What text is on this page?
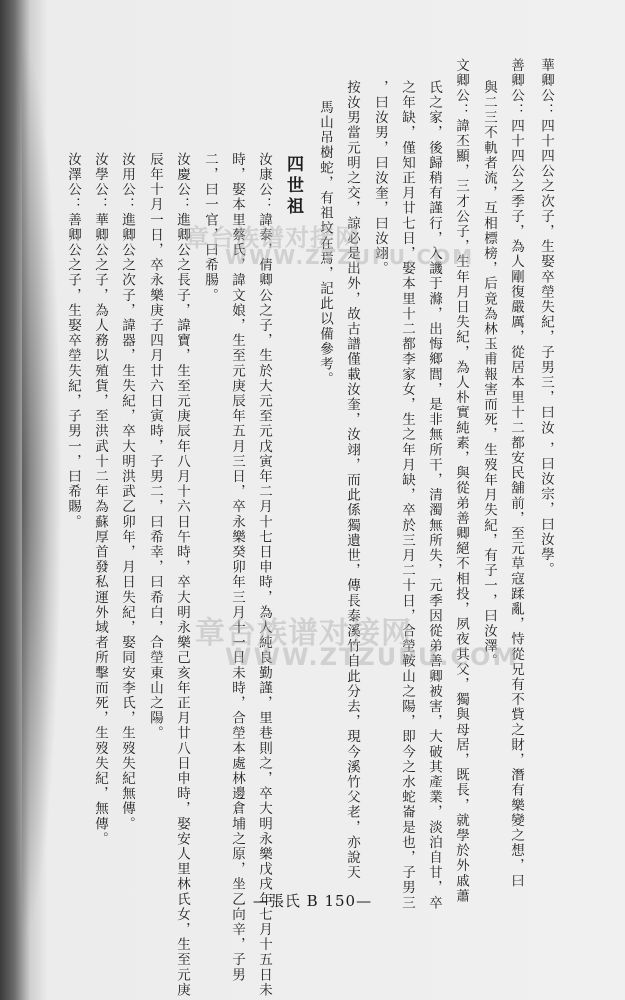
華卿公：四十四公之次子，生娶卒塋失紀，子男三，曰汝 ，曰汝宗，曰汝學。
善卿公：四十四公之季子，為人剛復嚴厲，從居本里十二都安民舖前，至元草寇蹂亂，恃從兄有不貲之財，潛有樂變之想，曰
與二三不軌者流，互相標榜，后竟為林玉甫報害而死，生歿年月失紀，有子一，曰汝澤。
文卿公：諱丕顯，三才公子，生年月日失紀，為人朴實純素，與從弟善卿絕不相投，夙夜其父，獨與母居，既長，就學於外戚蕭
氏之家，後歸稍有謹行，入譏于滌，出悔鄉閭，是非無所干，清濁無所失，元季因從弟善卿被害，大破其產業，淡泊自甘，卒
之年缺，僅知正月廿七日，娶本里十二都李家女，生之年月缺，卒於三月二十日，合塋鞍山之陽，即今之水蛇崙是也，子男三
，曰汝男，曰汝奎，曰汝翊。
按汝男當元明之交，諒必是出外，故古譜僅載汝奎，汝翊，而此係獨遺世，傳長泰溪竹自此分去，現今溪竹父老，亦說天
馬山吊樹蛇，有祖坟在焉，記此以備參考。
四世祖
汝康公：諱泰，倩卿公之子，生於大元至元戊寅年二月十七日申時，為人純良勤謹，里巷則之，卒大明永樂戊戌年七月十五日未
時，娶本里蔡氏，諱文娘，生至元庚辰年五月三日，卒永樂癸卯年三月十一日未時，合塋本處林邊倉埔之原，坐乙向辛，子男
二，曰一官，曰希腸。
汝慶公：進卿公之長子，諱寶，生至元庚辰年八月十六日午時，卒大明永樂己亥年正月廿八日申時，娶安人里林氏女，生至元庚
辰年十月一日，卒永樂庚子四月廿六日寅時，子男二，曰希幸，曰希白，合塋東山之陽。
汝用公：進卿公之次子，諱器，生失紀，卒大明洪武乙卯年，月日失紀，娶同安李氏，生歿失紀無傳。
汝學公：華卿公之子，為人務以殖貨，至洪武十二年為蘇厚首發私運外域者所擊而死，生歿失紀，無傳。
汝澤公：善卿公之子，生娶卒塋失紀，子男一，曰希賜。	章台族谱对接网
WWW.ZTZUPU.COM
章台族谱对接网
WWW.ZTZUPU.COM
—張氏 B 150—
